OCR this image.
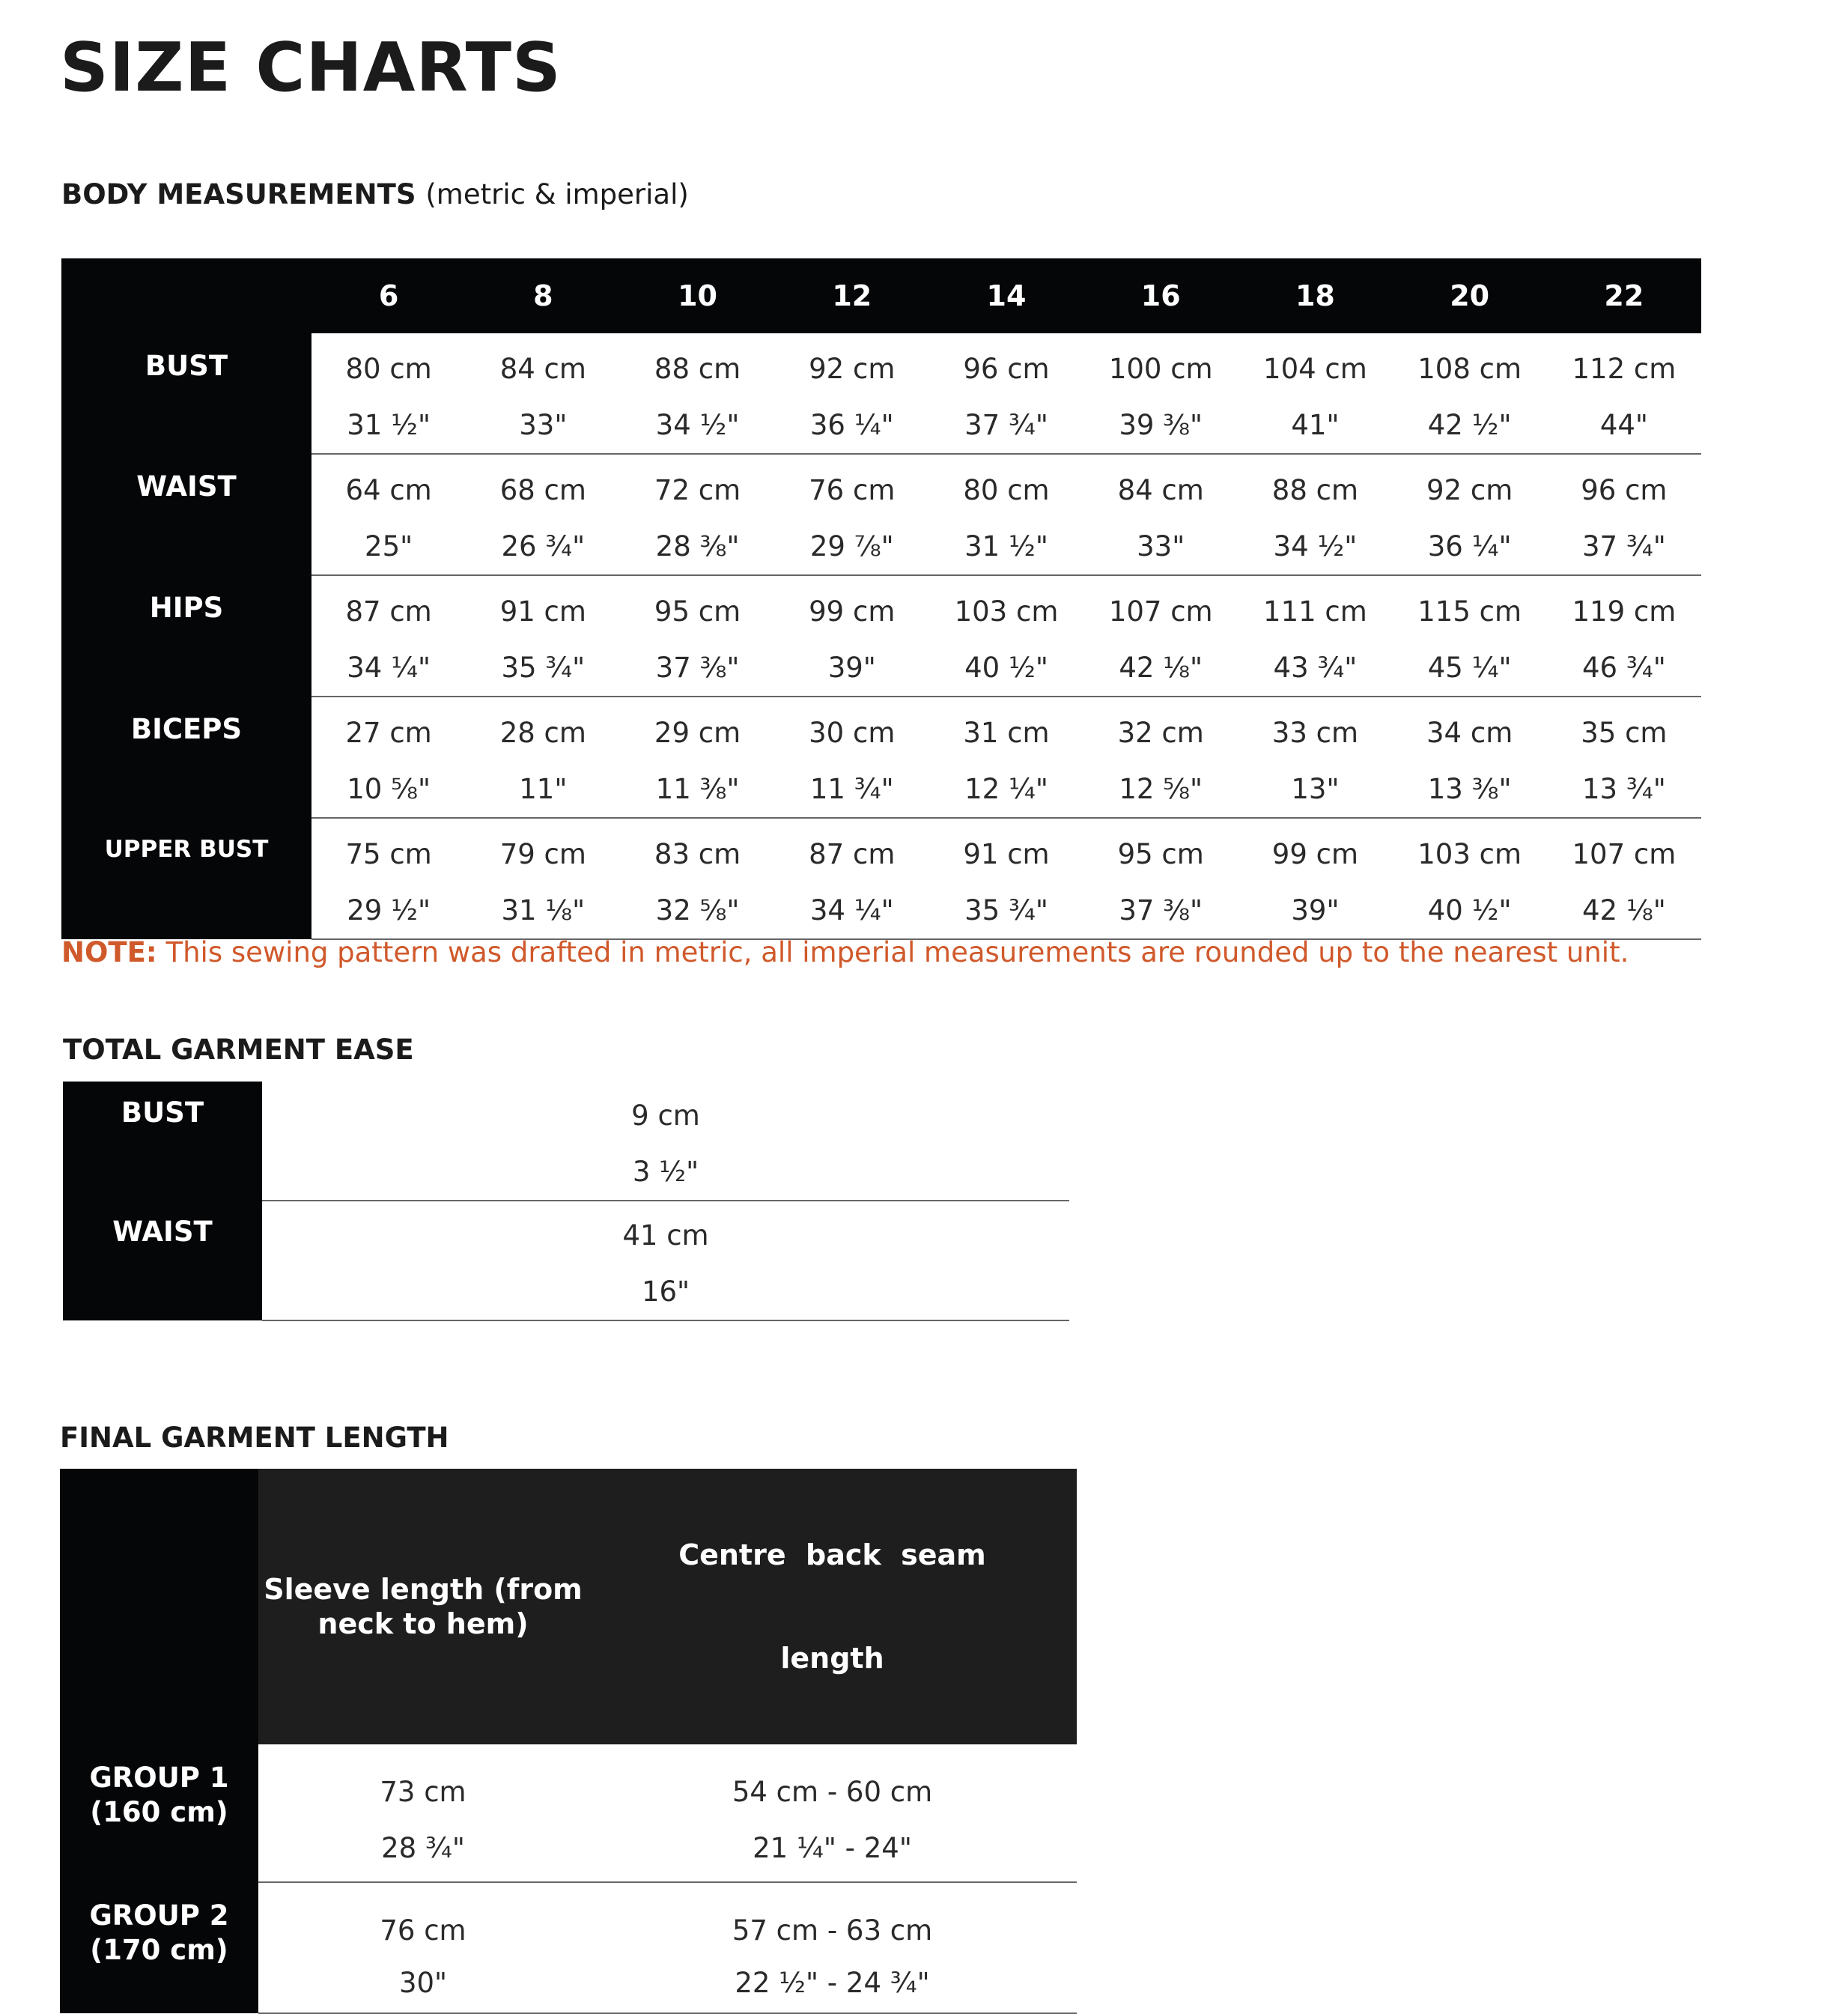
SIZE CHARTS
BODY MEASUREMENTS (metric & imperial)
	6	8	10	12	14	16	18	20	22
BUST	80 cm	84 cm	88 cm	92 cm	96 cm	100 cm	104 cm	108 cm	112 cm
	31 ½"	33"	34 ½"	36 ¼"	37 ¾"	39 ⅜"	41"	42 ½"	44"
WAIST	64 cm	68 cm	72 cm	76 cm	80 cm	84 cm	88 cm	92 cm	96 cm
	25"	26 ¾"	28 ⅜"	29 ⅞"	31 ½"	33"	34 ½"	36 ¼"	37 ¾"
HIPS	87 cm	91 cm	95 cm	99 cm	103 cm	107 cm	111 cm	115 cm	119 cm
	34 ¼"	35 ¾"	37 ⅜"	39"	40 ½"	42 ⅛"	43 ¾"	45 ¼"	46 ¾"
BICEPS	27 cm	28 cm	29 cm	30 cm	31 cm	32 cm	33 cm	34 cm	35 cm
	10 ⅝"	11"	11 ⅜"	11 ¾"	12 ¼"	12 ⅝"	13"	13 ⅜"	13 ¾"
UPPER BUST	75 cm	79 cm	83 cm	87 cm	91 cm	95 cm	99 cm	103 cm	107 cm
	29 ½"	31 ⅛"	32 ⅝"	34 ¼"	35 ¾"	37 ⅜"	39"	40 ½"	42 ⅛"

NOTE: This sewing pattern was drafted in metric, all imperial measurements are rounded up to the nearest unit.

TOTAL GARMENT EASE
BUST	9 cm
	3 ½"
WAIST	41 cm
	16"
FINAL GARMENT LENGTH

	Sleeve length (from
neck to hem)	Centre  back  seam

length

GROUP 1
(160 cm)	73 cm	54 cm - 60 cm
	28 ¾"	21 ¼" - 24"

GROUP 2
(170 cm)	76 cm	57 cm - 63 cm
	30"	22 ½" - 24 ¾"
